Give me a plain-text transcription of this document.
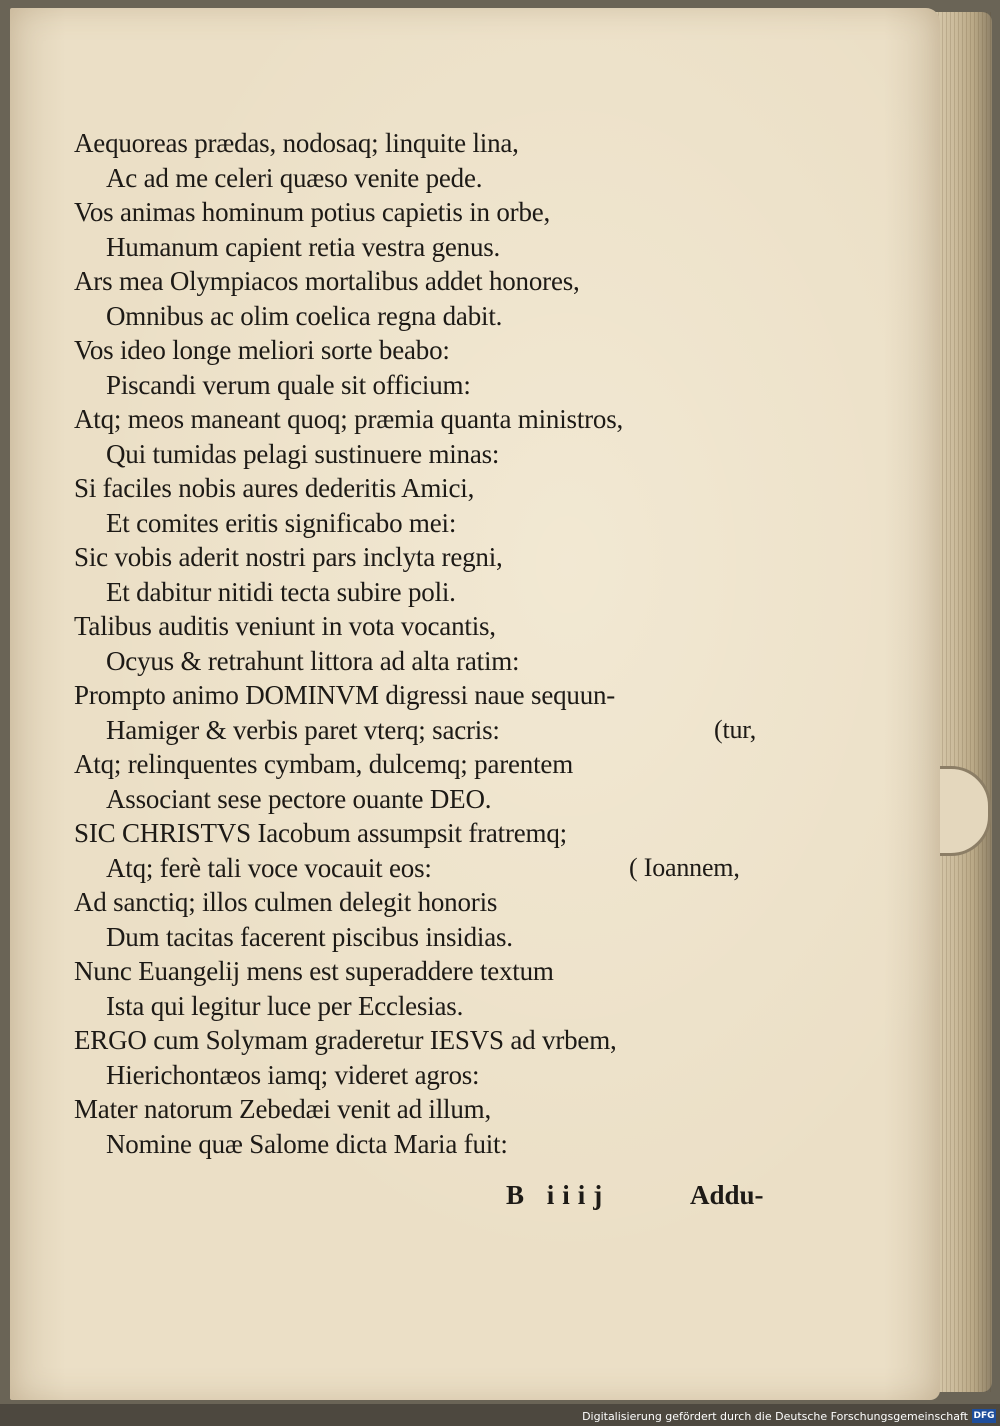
Aequoreas prædas, nodosaq; linquite lina,
Ac ad me celeri quæso venite pede.
Vos animas hominum potius capietis in orbe,
Humanum capient retia vestra genus.
Ars mea Olympiacos mortalibus addet honores,
Omnibus ac olim coelica regna dabit.
Vos ideo longe meliori sorte beabo:
Piscandi verum quale sit officium:
Atq; meos maneant quoq; præmia quanta ministros,
Qui tumidas pelagi sustinuere minas:
Si faciles nobis aures dederitis Amici,
Et comites eritis significabo mei:
Sic vobis aderit nostri pars inclyta regni,
Et dabitur nitidi tecta subire poli.
Talibus auditis veniunt in vota vocantis,
Ocyus & retrahunt littora ad alta ratim:
Prompto animo DOMINVM digressi naue sequun-
Hamiger & verbis paret vterq; sacris:	(tur,
Atq; relinquentes cymbam, dulcemq; parentem
Associant sese pectore ouante DEO.
SIC CHRISTVS Iacobum assumpsit fratremq;
Atq; ferè tali voce vocauit eos:	( Ioannem,
Ad sanctiq; illos culmen delegit honoris
Dum tacitas facerent piscibus insidias.
Nunc Euangelij mens est superaddere textum
Ista qui legitur luce per Ecclesias.
ERGO cum Solymam graderetur IESVS ad vrbem,
Hierichontæos iamq; videret agros:
Mater natorum Zebedæi venit ad illum,
Nomine quæ Salome dicta Maria fuit:
B iiij	Addu-
Digitalisierung gefördert durch die Deutsche Forschungsgemeinschaft DFG
